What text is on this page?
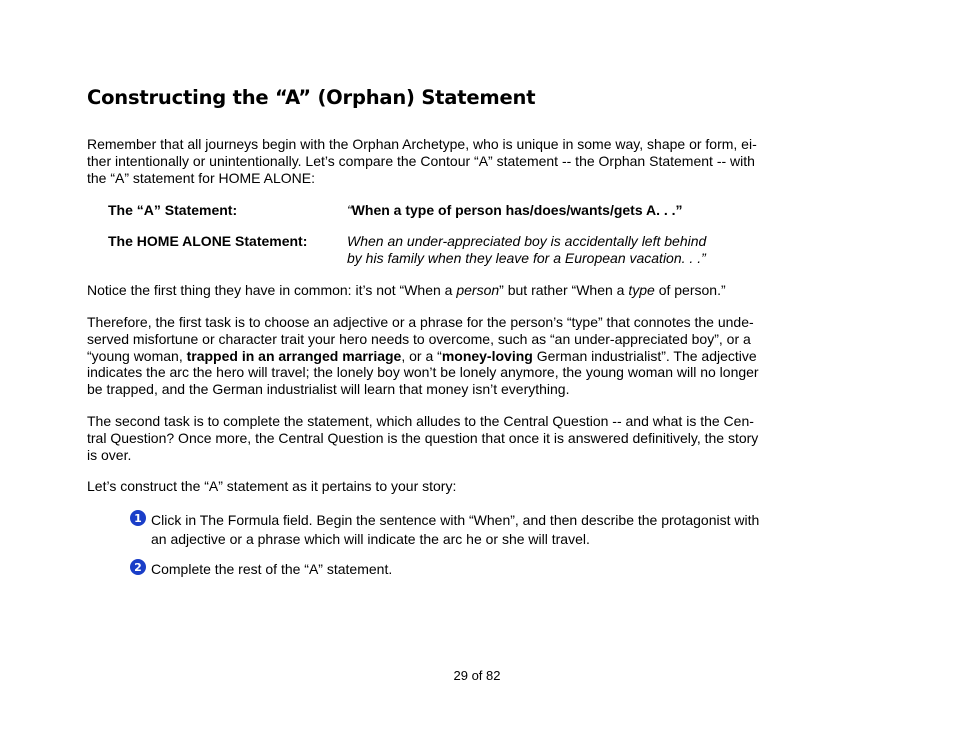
Constructing the “A” (Orphan) Statement
Remember that all journeys begin with the Orphan Archetype, who is unique in some way, shape or form, ei-
ther intentionally or unintentionally. Let’s compare the Contour “A” statement -- the Orphan Statement -- with
the “A” statement for HOME ALONE:

The “A” Statement:	“When a type of person has/does/wants/gets A. . .”

The HOME ALONE Statement:	When an under-appreciated boy is accidentally left behind
by his family when they leave for a European vacation. . .”

Notice the first thing they have in common: it’s not “When a person” but rather “When a type of person.”
Therefore, the first task is to choose an adjective or a phrase for the person’s “type” that connotes the unde-
served misfortune or character trait your hero needs to overcome, such as “an under-appreciated boy”, or a
“young woman, trapped in an arranged marriage, or a “money-loving German industrialist”. The adjective
indicates the arc the hero will travel; the lonely boy won’t be lonely anymore, the young woman will no longer
be trapped, and the German industrialist will learn that money isn’t everything.
The second task is to complete the statement, which alludes to the Central Question -- and what is the Cen-
tral Question? Once more, the Central Question is the question that once it is answered definitively, the story
is over.
Let’s construct the “A” statement as it pertains to your story:
1 Click in The Formula field. Begin the sentence with “When”, and then describe the protagonist with
an adjective or a phrase which will indicate the arc he or she will travel.

2 Complete the rest of the “A” statement.

29 of 82
